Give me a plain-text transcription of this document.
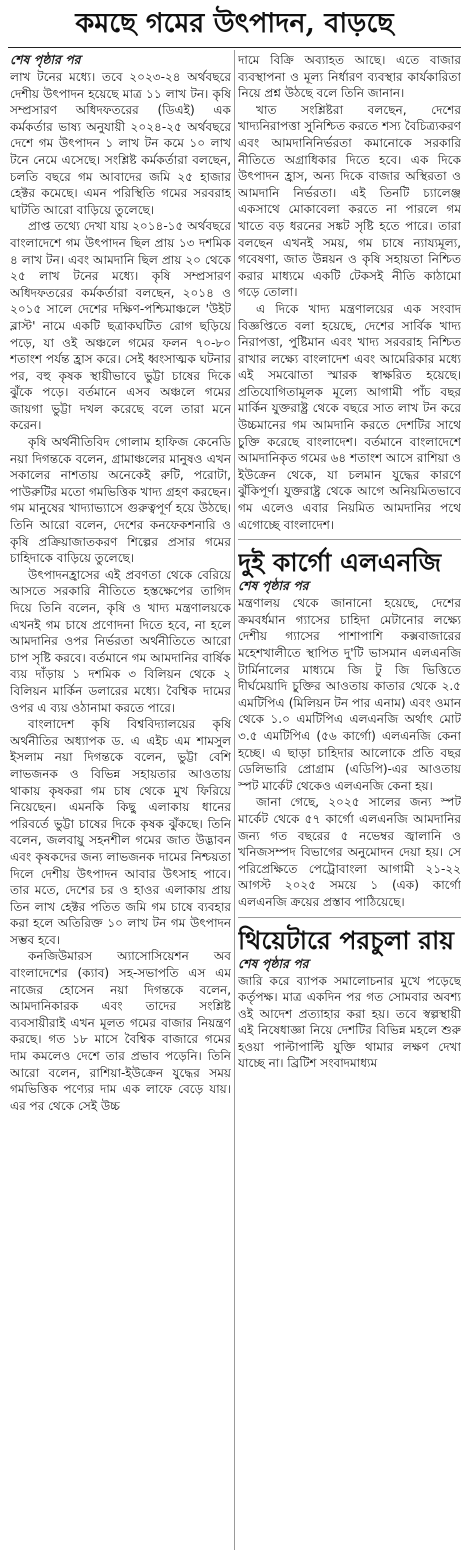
কমছে গমের উৎপাদন, বাড়ছে

শেষ পৃষ্ঠার পর

লাখ টনের মধ্যে। তবে ২০২৩-২৪ অর্থবছরে দেশীয় উৎপাদন হয়েছে মাত্র ১১ লাখ টন। কৃষি সম্প্রসারণ অধিদফতরের (ডিএই) এক কর্মকর্তার ভাষ্য অনুযায়ী ২০২৪-২৫ অর্থবছরে দেশে গম উৎপাদন ১ লাখ টন কমে ১০ লাখ টনে নেমে এসেছে। সংশ্লিষ্ট কর্মকর্তারা বলছেন, চলতি বছরে গম আবাদের জমি ২৫ হাজার হেক্টর কমেছে। এমন পরিস্থিতি গমের সরবরাহ ঘাটতি আরো বাড়িয়ে তুলেছে।

প্রাপ্ত তথ্যে দেখা যায় ২০১৪-১৫ অর্থবছরে বাংলাদেশে গম উৎপাদন ছিল প্রায় ১৩ দশমিক ৪ লাখ টন। এবং আমদানি ছিল প্রায় ২০ থেকে ২৫ লাখ টনের মধ্যে। কৃষি সম্প্রসারণ অধিদফতরের কর্মকর্তারা বলছেন, ২০১৪ ও ২০১৫ সালে দেশের দক্ষিণ-পশ্চিমাঞ্চলে 'উইট ব্লাস্ট' নামে একটি ছত্রাকঘটিত রোগ ছড়িয়ে পড়ে, যা ওই অঞ্চলে গমের ফলন ৭০-৮০ শতাংশ পর্যন্ত হ্রাস করে। সেই ধ্বংসাত্মক ঘটনার পর, বহু কৃষক স্থায়ীভাবে ভুট্টা চাষের দিকে ঝুঁকে পড়ে। বর্তমানে এসব অঞ্চলে গমের জায়গা ভুট্টা দখল করেছে বলে তারা মনে করেন।

কৃষি অর্থনীতিবিদ গোলাম হাফিজ কেনেডি নয়া দিগন্তকে বলেন, গ্রামাঞ্চলের মানুষও এখন সকালের নাশতায় অনেকেই রুটি, পরোটা, পাউরুটির মতো গমভিত্তিক খাদ্য গ্রহণ করছেন। গম মানুষের খাদ্যাভ্যাসে গুরুত্বপূর্ণ হয়ে উঠছে। তিনি আরো বলেন, দেশের কনফেকশনারি ও কৃষি প্রক্রিয়াজাতকরণ শিল্পের প্রসার গমের চাহিদাকে বাড়িয়ে তুলেছে।

উৎপাদনহ্রাসের এই প্রবণতা থেকে বেরিয়ে আসতে সরকারি নীতিতে হস্তক্ষেপের তাগিদ দিয়ে তিনি বলেন, কৃষি ও খাদ্য মন্ত্রণালয়কে এখনই গম চাষে প্রণোদনা দিতে হবে, না হলে আমদানির ওপর নির্ভরতা অর্থনীতিতে আরো চাপ সৃষ্টি করবে। বর্তমানে গম আমদানির বার্ষিক ব্যয় দাঁড়ায় ১ দশমিক ৩ বিলিয়ন থেকে ২ বিলিয়ন মার্কিন ডলারের মধ্যে। বৈশ্বিক দামের ওপর এ ব্যয় ওঠানামা করতে পারে।

বাংলাদেশ কৃষি বিশ্ববিদ্যালয়ের কৃষি অর্থনীতির অধ্যাপক ড. এ এইচ এম শামসুল ইসলাম নয়া দিগন্তকে বলেন, ভুট্টা বেশি লাভজনক ও বিভিন্ন সহায়তার আওতায় থাকায় কৃষকরা গম চাষ থেকে মুখ ফিরিয়ে নিয়েছেন। এমনকি কিছু এলাকায় ধানের পরিবর্তে ভুট্টা চাষের দিকে কৃষক ঝুঁকছে। তিনি বলেন, জলবায়ু সহনশীল গমের জাত উদ্ভাবন এবং কৃষকদের জন্য লাভজনক দামের নিশ্চয়তা দিলে দেশীয় উৎপাদন আবার উৎসাহ পাবে। তার মতে, দেশের চর ও হাওর এলাকায় প্রায় তিন লাখ হেক্টর পতিত জমি গম চাষে ব্যবহার করা হলে অতিরিক্ত ১০ লাখ টন গম উৎপাদন সম্ভব হবে।

কনজিউমারস অ্যাসোসিয়েশন অব বাংলাদেশের (ক্যাব) সহ-সভাপতি এস এম নাজের হোসেন নয়া দিগন্তকে বলেন, আমদানিকারক এবং তাদের সংশ্লিষ্ট ব্যবসায়ীরাই এখন মূলত গমের বাজার নিয়ন্ত্রণ করছে। গত ১৮ মাসে বৈশ্বিক বাজারে গমের দাম কমলেও দেশে তার প্রভাব পড়েনি। তিনি আরো বলেন, রাশিয়া-ইউক্রেন যুদ্ধের সময় গমভিত্তিক পণ্যের দাম এক লাফে বেড়ে যায়। এর পর থেকে সেই উচ্চ

দামে বিক্রি অব্যাহত আছে। এতে বাজার ব্যবস্থাপনা ও মূল্য নির্ধারণ ব্যবস্থার কার্যকারিতা নিয়ে প্রশ্ন উঠছে বলে তিনি জানান।

খাত সংশ্লিষ্টরা বলছেন, দেশের খাদ্যনিরাপত্তা সুনিশ্চিত করতে শস্য বৈচিত্র্যকরণ এবং আমদানিনির্ভরতা কমানোকে সরকারি নীতিতে অগ্রাধিকার দিতে হবে। এক দিকে উৎপাদন হ্রাস, অন্য দিকে বাজার অস্থিরতা ও আমদানি নির্ভরতা। এই তিনটি চ্যালেঞ্জ একসাথে মোকাবেলা করতে না পারলে গম খাতে বড় ধরনের সঙ্কট সৃষ্টি হতে পারে। তারা বলছেন এখনই সময়, গম চাষে ন্যায্যমূল্য, গবেষণা, জাত উন্নয়ন ও কৃষি সহায়তা নিশ্চিত করার মাধ্যমে একটি টেকসই নীতি কাঠামো গড়ে তোলা।

এ দিকে খাদ্য মন্ত্রণালয়ের এক সংবাদ বিজ্ঞপ্তিতে বলা হয়েছে, দেশের সার্বিক খাদ্য নিরাপত্তা, পুষ্টিমান এবং খাদ্য সরবরাহ নিশ্চিত রাখার লক্ষ্যে বাংলাদেশ এবং আমেরিকার মধ্যে এই সমঝোতা স্মারক স্বাক্ষরিত হয়েছে। প্রতিযোগিতামূলক মূল্যে আগামী পাঁচ বছর মার্কিন যুক্তরাষ্ট্র থেকে বছরে সাত লাখ টন করে উচ্চমানের গম আমদানি করতে দেশটির সাথে চুক্তি করেছে বাংলাদেশ। বর্তমানে বাংলাদেশে আমদানিকৃত গমের ৬৪ শতাংশ আসে রাশিয়া ও ইউক্রেন থেকে, যা চলমান যুদ্ধের কারণে ঝুঁকিপূর্ণ। যুক্তরাষ্ট্র থেকে আগে অনিয়মিতভাবে গম এলেও এবার নিয়মিত আমদানির পথে এগোচ্ছে বাংলাদেশ।

দুই কার্গো এলএনজি

শেষ পৃষ্ঠার পর

মন্ত্রণালয় থেকে জানানো হয়েছে, দেশের ক্রমবর্ধমান গ্যাসের চাহিদা মেটানোর লক্ষ্যে দেশীয় গ্যাসের পাশাপাশি কক্সবাজারের মহেশখালীতে স্থাপিত দু'টি ভাসমান এলএনজি টার্মিনালের মাধ্যমে জি টু জি ভিত্তিতে দীর্ঘমেয়াদি চুক্তির আওতায় কাতার থেকে ২.৫ এমটিপিএ (মিলিয়ন টন পার এনাম) এবং ওমান থেকে ১.০ এমটিপিএ এলএনজি অর্থাৎ মোট ৩.৫ এমটিপিএ (৫৬ কার্গো) এলএনজি কেনা হচ্ছে। এ ছাড়া চাহিদার আলোকে প্রতি বছর ডেলিভারি প্রোগ্রাম (এডিপি)-এর আওতায় স্পট মার্কেট থেকেও এলএনজি কেনা হয়।

জানা গেছে, ২০২৫ সালের জন্য স্পট মার্কেট থেকে ৫৭ কার্গো এলএনজি আমদানির জন্য গত বছরের ৫ নভেম্বর জ্বালানি ও খনিজসম্পদ বিভাগের অনুমোদন দেয়া হয়। সে পরিপ্রেক্ষিতে পেট্রোবাংলা আগামী ২১-২২ আগস্ট ২০২৫ সময়ে ১ (এক) কার্গো এলএনজি ক্রয়ের প্রস্তাব পাঠিয়েছে।

থিয়েটারে পরচুলা রায়

শেষ পৃষ্ঠার পর

জারি করে ব্যাপক সমালোচনার মুখে পড়েছে কর্তৃপক্ষ। মাত্র একদিন পর গত সোমবার অবশ্য ওই আদেশ প্রত্যাহার করা হয়। তবে স্বল্পস্থায়ী এই নিষেধাজ্ঞা নিয়ে দেশটির বিভিন্ন মহলে শুরু হওয়া পাল্টাপাল্টি যুক্তি থামার লক্ষণ দেখা যাচ্ছে না। ব্রিটিশ সংবাদমাধ্যম
